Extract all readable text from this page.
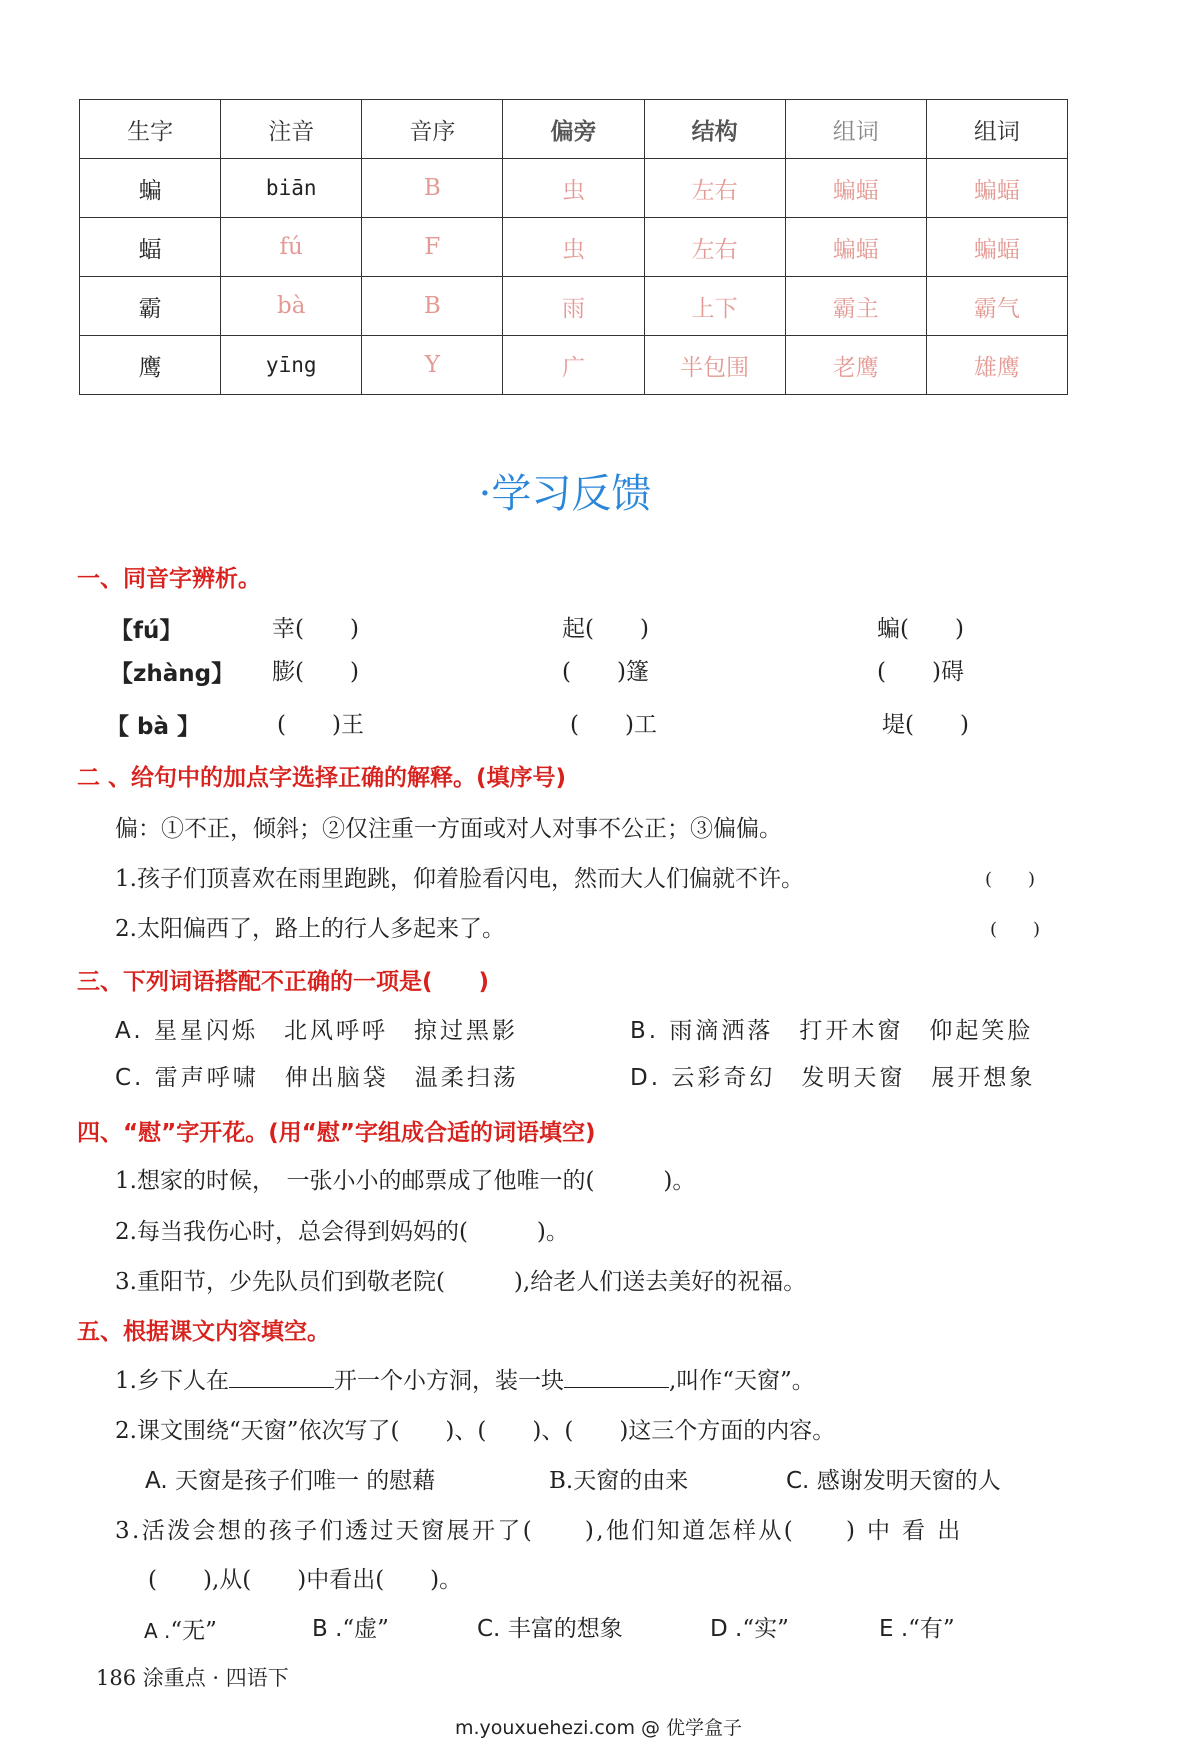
生字	注音	音序	偏旁	结构	组词	组词
蝙	biān	B	虫	左右	蝙蝠	蝙蝠
蝠	fú	F	虫	左右	蝙蝠	蝙蝠
霸	bà	B	雨	上下	霸主	霸气
鹰	yīng	Y	广	半包围	老鹰	雄鹰
·学习反馈
一、同音字辨析。
【fú】	幸(　　)	起(　　)	蝙(　　)
【zhàng】 膨(　　)	(　　)篷	(　　)碍
【 bà 】	(　　)王	(　　)工	堤(　　)
二 、给句中的加点字选择正确的解释。(填序号)
偏：①不正，倾斜；②仅注重一方面或对人对事不公正；③偏偏。
1.孩子们顶喜欢在雨里跑跳，仰着脸看闪电，然而大人们偏就不许。	(　　)
2.太阳偏西了，路上的行人多起来了。	(　　)
三、下列词语搭配不正确的一项是(　　)
A. 星星闪烁　北风呼呼　掠过黑影	B. 雨滴洒落　打开木窗　仰起笑脸
C. 雷声呼啸　伸出脑袋　温柔扫荡	D. 云彩奇幻　发明天窗　展开想象
四、“慰”字开花。(用“慰”字组成合适的词语填空)
1.想家的时候，　一张小小的邮票成了他唯一的(　　　)。
2.每当我伤心时，总会得到妈妈的(　　　)。
3.重阳节，少先队员们到敬老院(　　　),给老人们送去美好的祝福。
五、根据课文内容填空。
1.乡下人在	开一个小方洞，装一块	,叫作“天窗”。
2.课文围绕“天窗”依次写了(　　)、(　　)、(　　)这三个方面的内容。
A. 天窗是孩子们唯一 的慰藉	B.天窗的由来	C. 感谢发明天窗的人
3.活泼会想的孩子们透过天窗展开了(　　),他们知道怎样从(　　) 中 看 出
(　　),从(　　)中看出(　　)。
A .“无”	B .“虚”	C. 丰富的想象	D .“实”	E .“有”
186 涂重点 · 四语下
m.youxuehezi.com @ 优学盒子
